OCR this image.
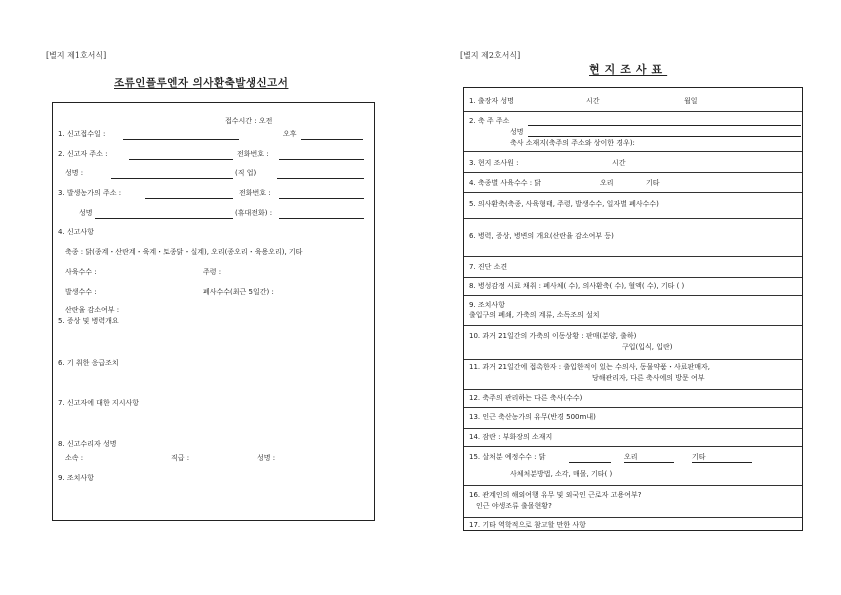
[별지 제1호서식]
조류인플루엔자 의사환축발생신고서
접수시간 : 오전
1. 신고접수일 :	오후
2. 신고자 주소 :	전화번호 :
성명 :	(직 업)
3. 발생농가의 주소 :	전화번호 :
성명	(휴대전화) :
4. 신고사항
축종 : 닭(종계・산란계・육계・토종닭・실계), 오리(종오리・육용오리), 기타
사육수수 :	주령 :
발생수수 :	폐사수수(최근 5일간) :
산란율 감소여부 :
5. 증상 및 병력개요
6. 기 취한 응급조치
7. 신고자에 대한 지시사항
8. 신고수리자 성명
소속 :	직급 :	성명 :
9. 조치사항
[별지 제2호서식]
현지조사표
1. 출장자 성명	시간	월일
2. 축 주 주소
성명
축사 소재지(축주의 주소와 상이한 경우):
3. 현지 조사원 :	시간
4. 축종별 사육수수 : 닭	오리	기타
5. 의사환축(축종, 사육형태, 주령, 발생수수, 일자별 폐사수수)
6. 병력, 증상, 병변의 개요(산란율 감소여부 등)
7. 진단 소견
8. 병성감정 시료 채취 : 폐사체( 수), 의사환축( 수), 혈액( 수), 기타 ( )
9. 조치사항
출입구의 폐쇄, 가축의 계류, 소독조의 설치
10. 과거 21일간의 가축의 이동상황 : 판매(분양, 출하)
구입(입식, 입란)
11. 과거 21일간에 접촉한자 : 출입한적이 있는 수의사, 동물약품・사료판매자,
당해관리자, 다른 축사에의 방문 여부
12. 축주의 관리하는 다른 축사(수수)
13. 인근 축산농가의 유무(반경 500m내)
14. 잠란 : 부화장의 소재지
15. 살처분 예정수수 : 닭	오리	기타
사체처분방법, 소각, 매몰, 기타( )
16. 관계인의 해외여행 유무 및 외국인 근로자 고용여부?
인근 야생조류 출몰현황?
17. 기타 역학적으로 참고할 만한 사항
